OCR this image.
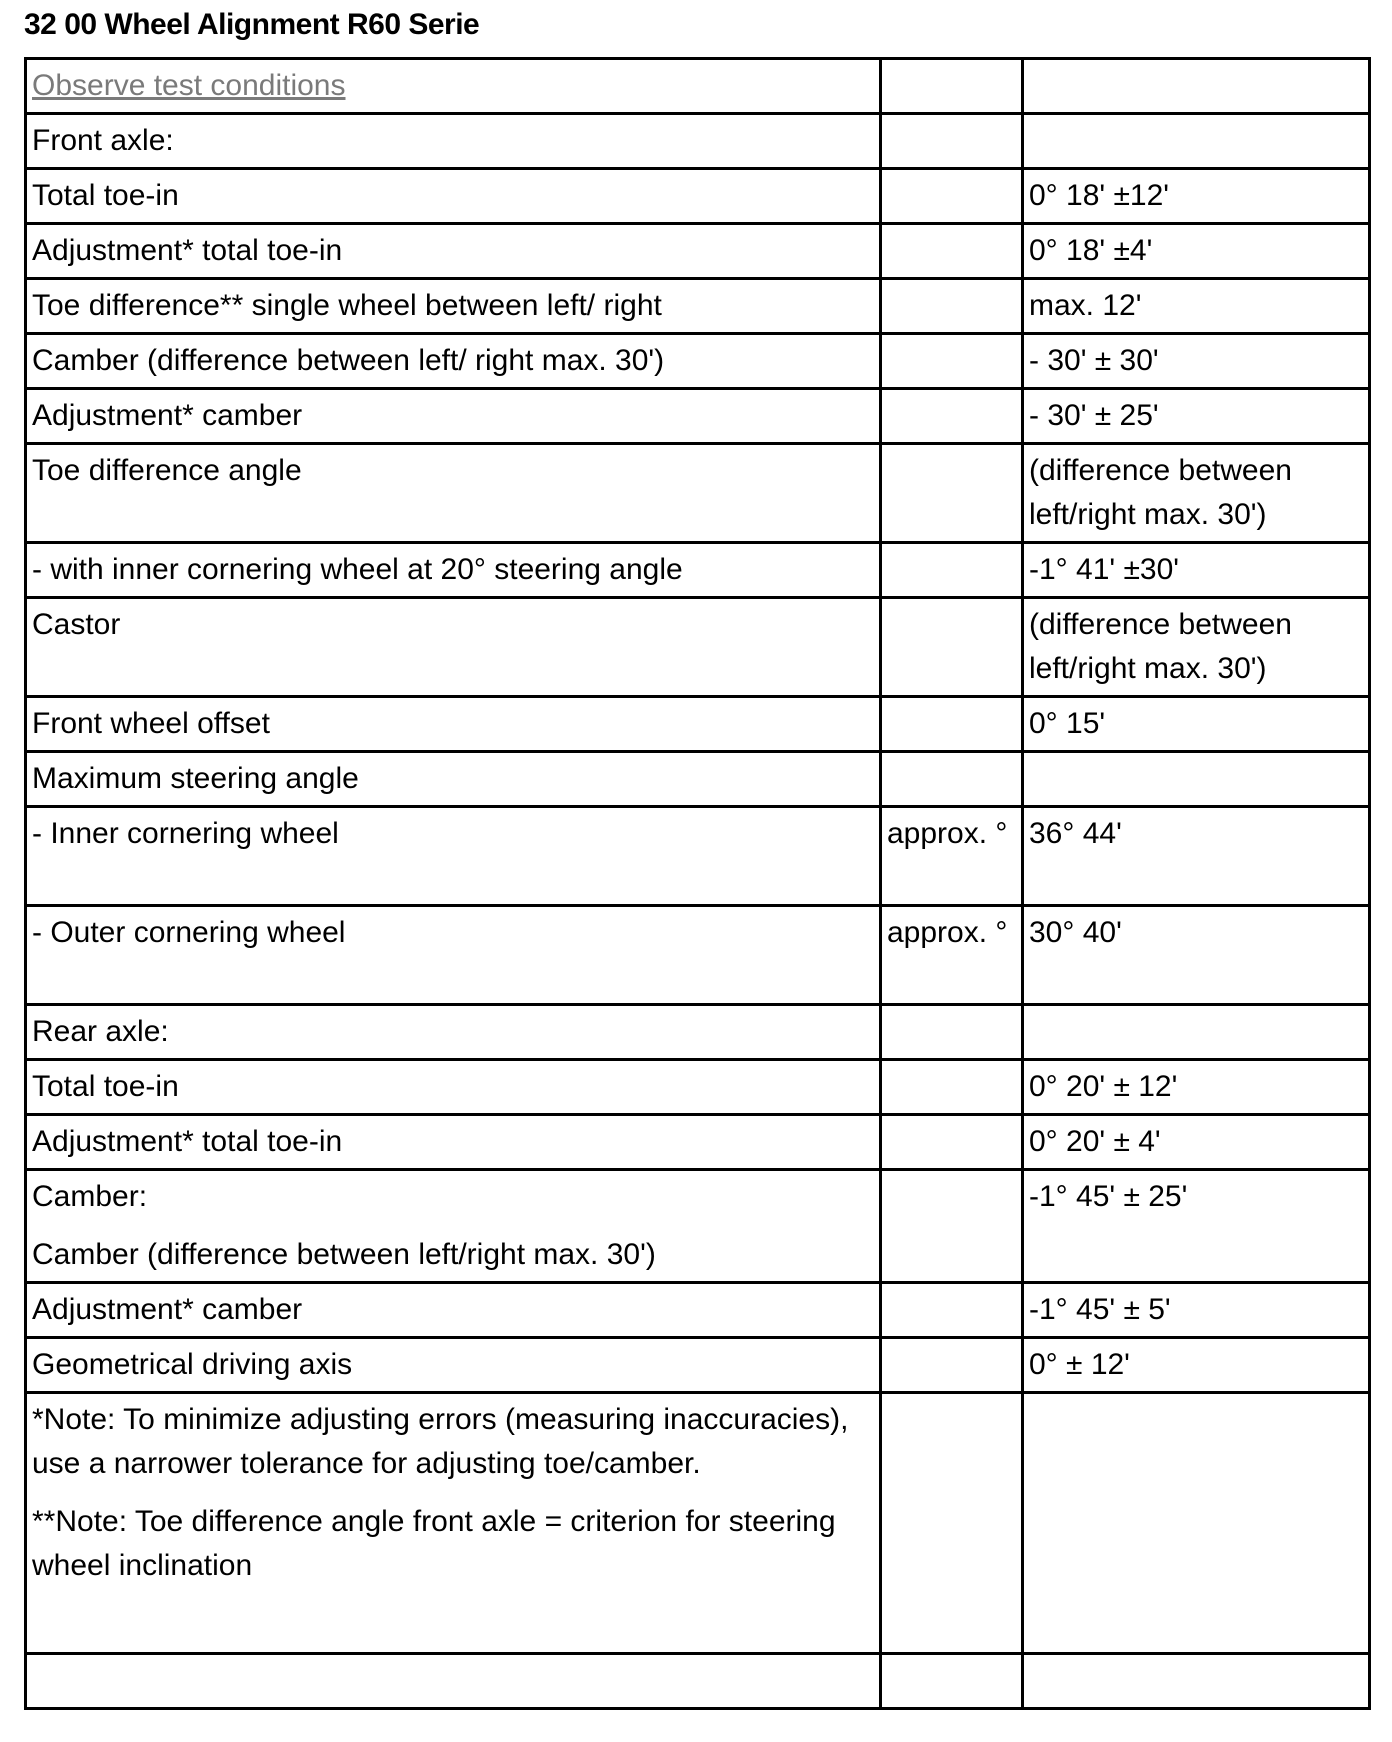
32 00 Wheel Alignment R60 Serie
Observe test conditions		
Front axle:		
Total toe-in		0° 18' ±12'
Adjustment* total toe-in		0° 18' ±4'
Toe difference** single wheel between left/ right		max. 12'
Camber (difference between left/ right max. 30')		- 30' ± 30'
Adjustment* camber		- 30' ± 25'
Toe difference angle		(difference between left/right max. 30')
- with inner cornering wheel at 20° steering angle		-1° 41' ±30'
Castor		(difference between left/right max. 30')
Front wheel offset		0° 15'
Maximum steering angle		
- Inner cornering wheel	approx. °	36° 44'
- Outer cornering wheel	approx. °	30° 40'
Rear axle:		
Total toe-in		0° 20' ± 12'
Adjustment* total toe-in		0° 20' ± 4'

Camber:
Camber (difference between left/right max. 30')		-1° 45' ± 25'
Adjustment* camber		-1° 45' ± 5'
Geometrical driving axis		0° ± 12'

*Note: To minimize adjusting errors (measuring inaccuracies), use a narrower tolerance for adjusting toe/camber.
**Note: Toe difference angle front axle = criterion for steering wheel inclination		
